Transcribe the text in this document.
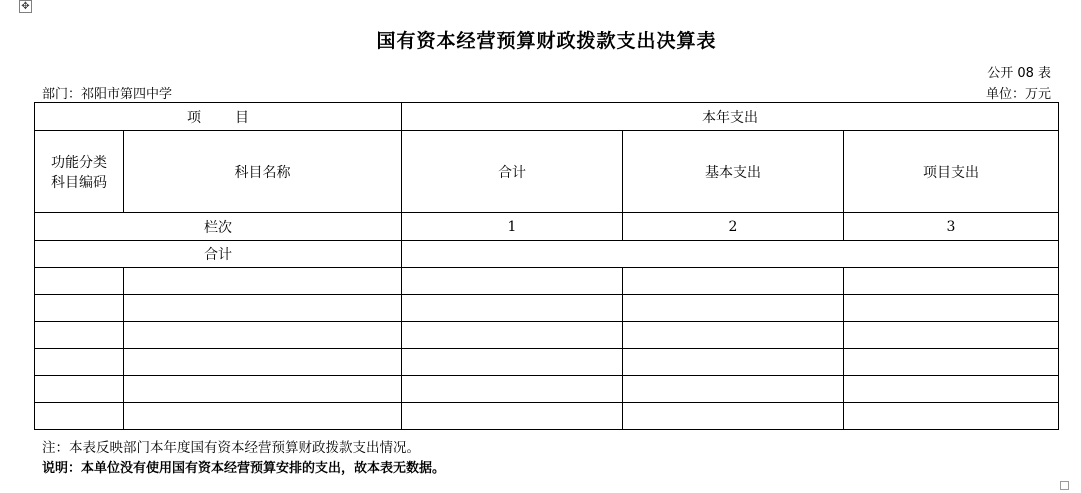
✥
国有资本经营预算财政拨款支出决算表
公开 08 表
部门：祁阳市第四中学	单位：万元
项 目		本年支出		

功能分类
科目编码	科目名称	合计	基本支出	项目支出
栏次		1	2	3
合计				

注：本表反映部门本年度国有资本经营预算财政拨款支出情况。
说明：本单位没有使用国有资本经营预算安排的支出，故本表无数据。
